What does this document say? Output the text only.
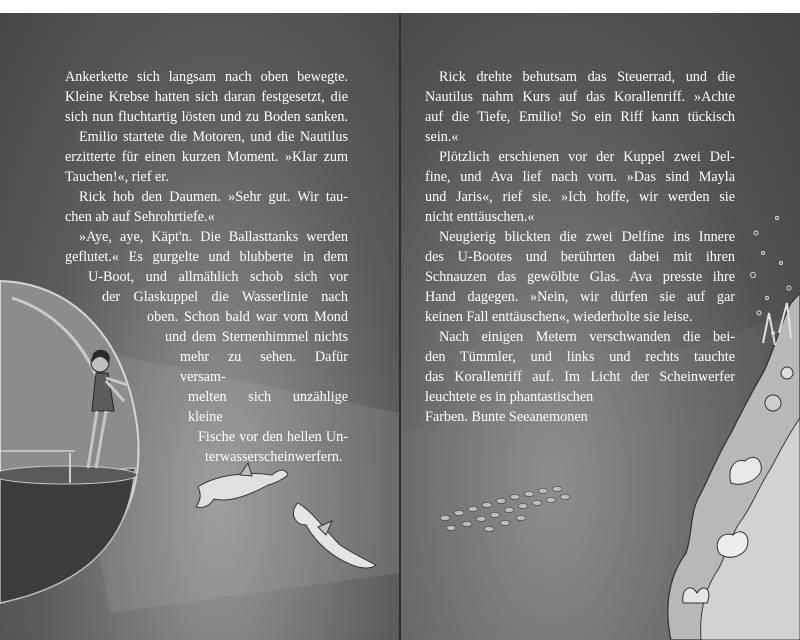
Ankerkette sich langsam nach oben bewegte.
Kleine Krebse hatten sich daran festgesetzt, die
sich nun fluchtartig lösten und zu Boden sanken.
Emilio startete die Motoren, und die Nautilus
erzitterte für einen kurzen Moment. »Klar zum
Tauchen!«, rief er.
Rick hob den Daumen. »Sehr gut. Wir tau-
chen ab auf Sehrohrtiefe.«
»Aye, aye, Käpt'n. Die Ballasttanks werden
geflutet.« Es gurgelte und blubberte in dem
U-Boot, und allmählich schob sich vor
der Glaskuppel die Wasserlinie nach
oben. Schon bald war vom Mond
und dem Sternenhimmel nichts
mehr zu sehen. Dafür versam-
melten sich unzählige kleine
Fische vor den hellen Un-
terwasserscheinwerfern.
Rick drehte behutsam das Steuerrad, und die
Nautilus nahm Kurs auf das Korallenriff. »Achte
auf die Tiefe, Emilio! So ein Riff kann tückisch
sein.«
Plötzlich erschienen vor der Kuppel zwei Del-
fine, und Ava lief nach vorn. »Das sind Mayla
und Jaris«, rief sie. »Ich hoffe, wir werden sie
nicht enttäuschen.«
Neugierig blickten die zwei Delfine ins Innere
des U-Bootes und berührten dabei mit ihren
Schnauzen das gewölbte Glas. Ava presste ihre
Hand dagegen. »Nein, wir dürfen sie auf gar
keinen Fall enttäuschen«, wiederholte sie leise.
Nach einigen Metern verschwanden die bei-
den Tümmler, und links und rechts tauchte
das Korallenriff auf. Im Licht der Scheinwerfer
leuchtete es in phantastischen
Farben. Bunte Seeanemonen
